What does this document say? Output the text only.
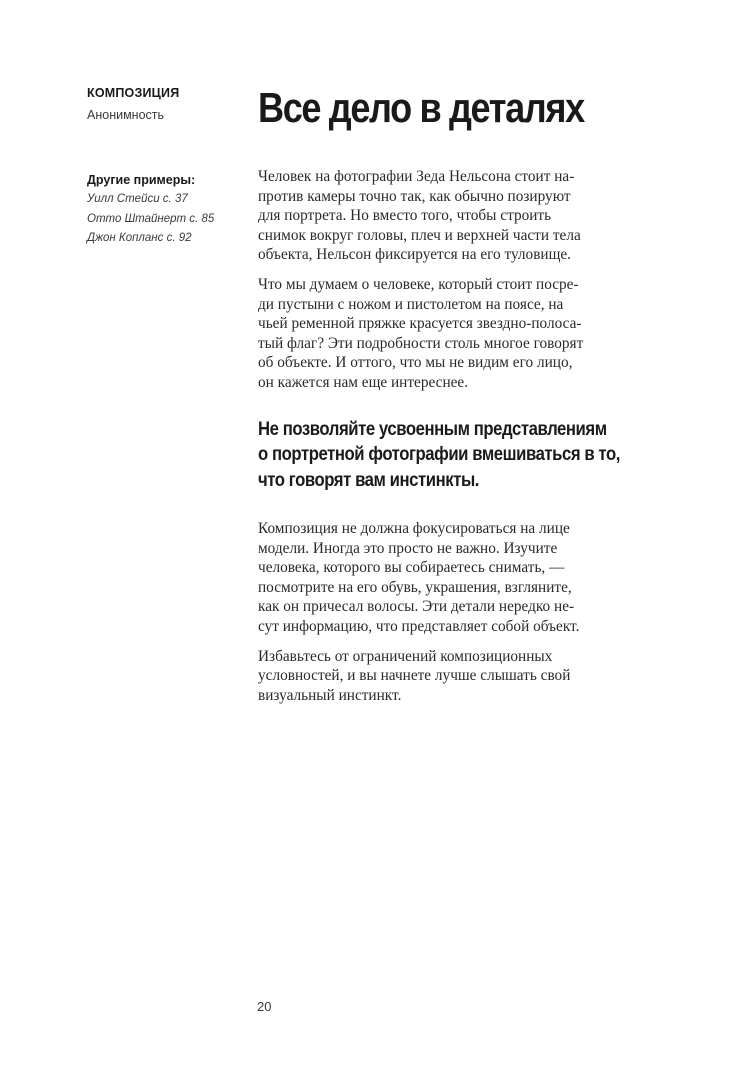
КОМПОЗИЦИЯ

Анонимность

Другие примеры:

Уилл Стейси с. 37
Отто Штайнерт с. 85
Джон Копланс с. 92
Все дело в деталях
Человек на фотографии Зеда Нельсона стоит на-
против камеры точно так, как обычно позируют
для портрета. Но вместо того, чтобы строить
снимок вокруг головы, плеч и верхней части тела
объекта, Нельсон фиксируется на его туловище.
Что мы думаем о человеке, который стоит посре-
ди пустыни с ножом и пистолетом на поясе, на
чьей ременной пряжке красуется звездно-полоса-
тый флаг? Эти подробности столь многое говорят
об объекте. И оттого, что мы не видим его лицо,
он кажется нам еще интереснее.
Не позволяйте усвоенным представлениям
о портретной фотографии вмешиваться в то,
что говорят вам инстинкты.
Композиция не должна фокусироваться на лице
модели. Иногда это просто не важно. Изучите
человека, которого вы собираетесь снимать, —
посмотрите на его обувь, украшения, взгляните,
как он причесал волосы. Эти детали нередко не-
сут информацию, что представляет собой объект.
Избавьтесь от ограничений композиционных
условностей, и вы начнете лучше слышать свой
визуальный инстинкт.
20
